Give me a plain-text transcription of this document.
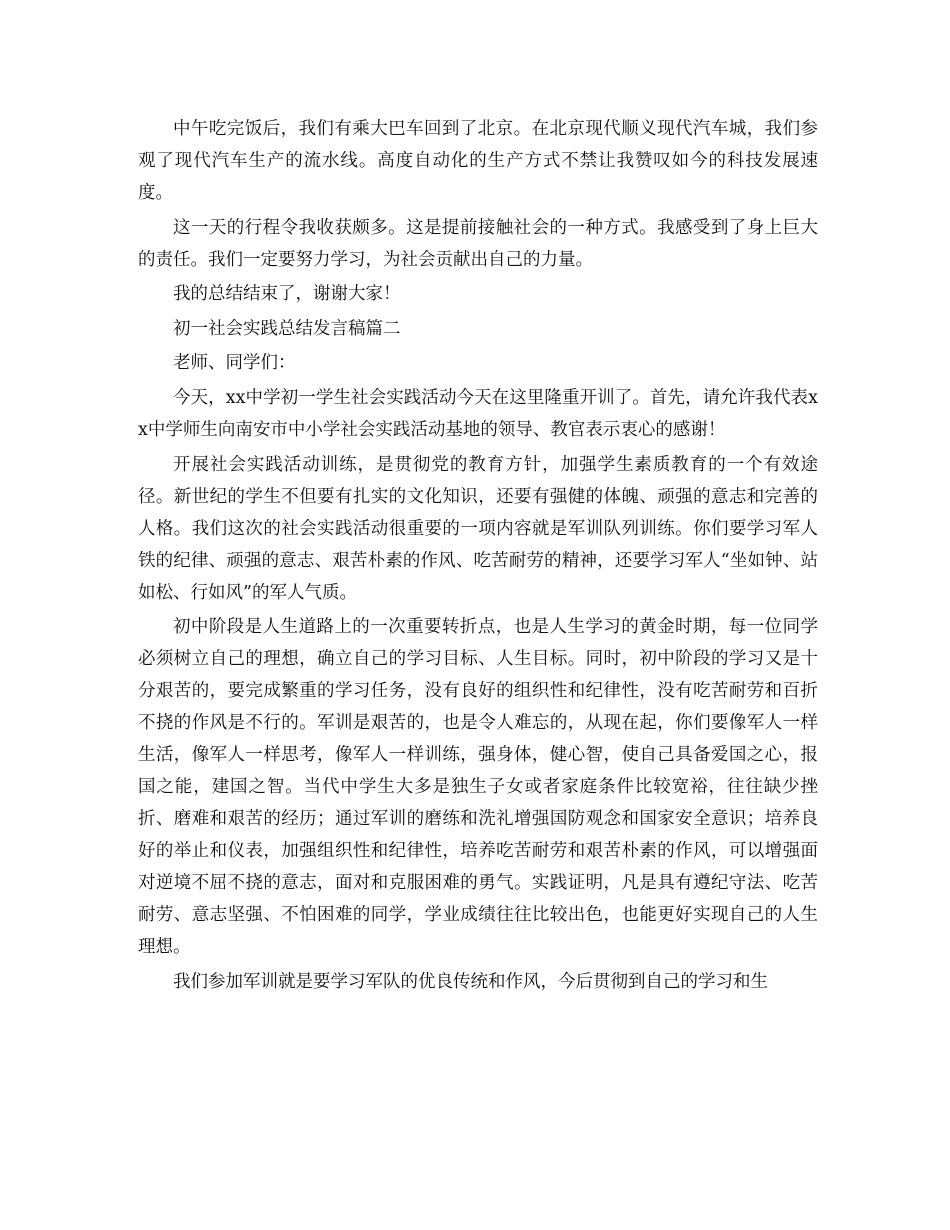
中午吃完饭后，我们有乘大巴车回到了北京。在北京现代顺义现代汽车城，我们参观了现代汽车生产的流水线。高度自动化的生产方式不禁让我赞叹如今的科技发展速度。

这一天的行程令我收获颇多。这是提前接触社会的一种方式。我感受到了身上巨大的责任。我们一定要努力学习，为社会贡献出自己的力量。

我的总结结束了，谢谢大家！

初一社会实践总结发言稿篇二

老师、同学们：

今天，xx中学初一学生社会实践活动今天在这里隆重开训了。首先，请允许我代表xx中学师生向南安市中小学社会实践活动基地的领导、教官表示衷心的感谢！

开展社会实践活动训练，是贯彻党的教育方针，加强学生素质教育的一个有效途径。新世纪的学生不但要有扎实的文化知识，还要有强健的体魄、顽强的意志和完善的人格。我们这次的社会实践活动很重要的一项内容就是军训队列训练。你们要学习军人铁的纪律、顽强的意志、艰苦朴素的作风、吃苦耐劳的精神，还要学习军人“坐如钟、站如松、行如风”的军人气质。

初中阶段是人生道路上的一次重要转折点，也是人生学习的黄金时期，每一位同学必须树立自己的理想，确立自己的学习目标、人生目标。同时，初中阶段的学习又是十分艰苦的，要完成繁重的学习任务，没有良好的组织性和纪律性，没有吃苦耐劳和百折不挠的作风是不行的。军训是艰苦的，也是令人难忘的，从现在起，你们要像军人一样生活，像军人一样思考，像军人一样训练，强身体，健心智，使自己具备爱国之心，报国之能，建国之智。当代中学生大多是独生子女或者家庭条件比较宽裕，往往缺少挫折、磨难和艰苦的经历；通过军训的磨练和洗礼增强国防观念和国家安全意识；培养良好的举止和仪表，加强组织性和纪律性，培养吃苦耐劳和艰苦朴素的作风，可以增强面对逆境不屈不挠的意志，面对和克服困难的勇气。实践证明，凡是具有遵纪守法、吃苦耐劳、意志坚强、不怕困难的同学，学业成绩往往比较出色，也能更好实现自己的人生理想。

我们参加军训就是要学习军队的优良传统和作风，今后贯彻到自己的学习和生
